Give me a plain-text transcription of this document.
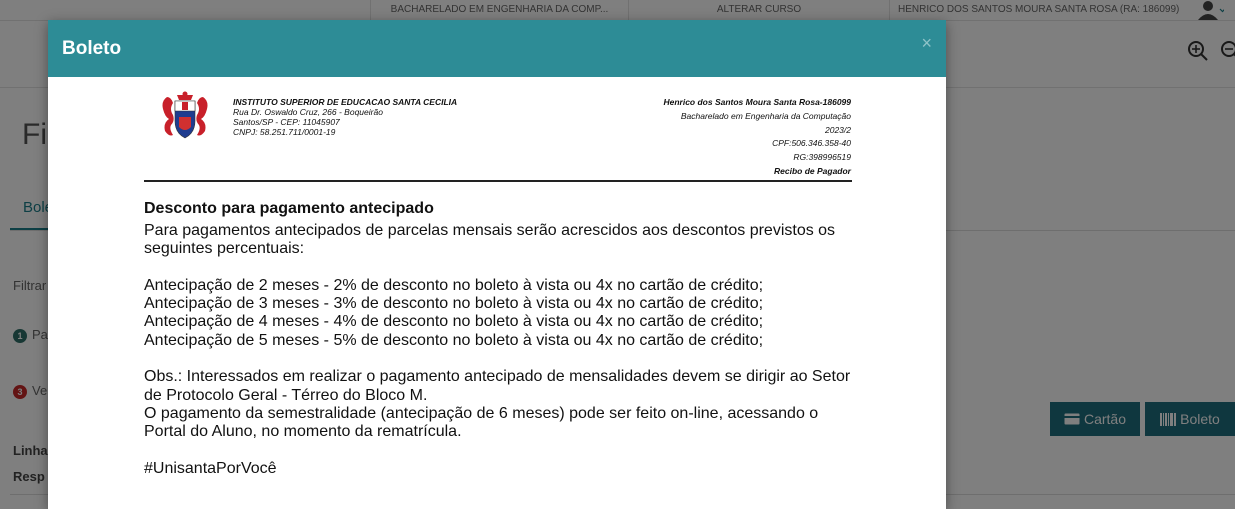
Boleto	×
INSTITUTO SUPERIOR DE EDUCACAO SANTA CECILIA
Rua Dr. Oswaldo Cruz, 266 - Boqueirão
Santos/SP - CEP: 11045907
CNPJ: 58.251.711/0001-19
Henrico dos Santos Moura Santa Rosa-186099
Bacharelado em Engenharia da Computação
2023/2
CPF:506.346.358-40
RG:398996519
Recibo de Pagador
Desconto para pagamento antecipado

Para pagamentos antecipados de parcelas mensais serão acrescidos aos descontos previstos os seguintes percentuais:

Antecipação de 2 meses - 2% de desconto no boleto à vista ou 4x no cartão de crédito;

Antecipação de 3 meses - 3% de desconto no boleto à vista ou 4x no cartão de crédito;

Antecipação de 4 meses - 4% de desconto no boleto à vista ou 4x no cartão de crédito;

Antecipação de 5 meses - 5% de desconto no boleto à vista ou 4x no cartão de crédito;

Obs.: Interessados em realizar o pagamento antecipado de mensalidades devem se dirigir ao Setor de Protocolo Geral - Térreo do Bloco M.

O pagamento da semestralidade (antecipação de 6 meses) pode ser feito on-line, acessando o Portal do Aluno, no momento da rematrícula.

#UnisantaPorVocê
